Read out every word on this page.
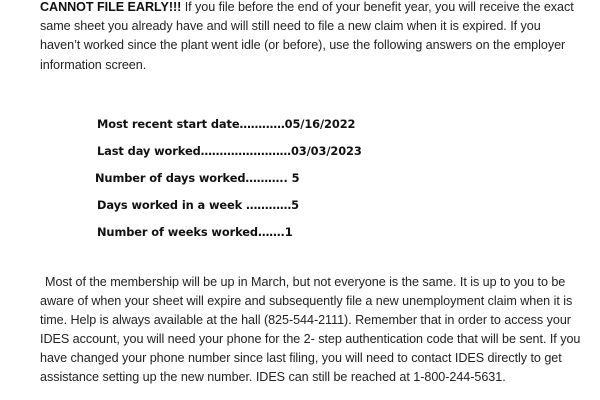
CANNOT FILE EARLY!!! If you file before the end of your benefit year, you will receive the exact same sheet you already have and will still need to file a new claim when it is expired. If you haven’t worked since the plant went idle (or before), use the following answers on the employer information screen.

Most recent start date…………05/16/2022
Last day worked……………………03/03/2023
Number of days worked……….. 5
Days worked in a week …………5
Number of weeks worked…….1

Most of the membership will be up in March, but not everyone is the same. It is up to you to be aware of when your sheet will expire and subsequently file a new unemployment claim when it is time. Help is always available at the hall (825-544-2111). Remember that in order to access your IDES account, you will need your phone for the 2- step authentication code that will be sent. If you have changed your phone number since last filing, you will need to contact IDES directly to get assistance setting up the new number. IDES can still be reached at 1-800-244-5631.
